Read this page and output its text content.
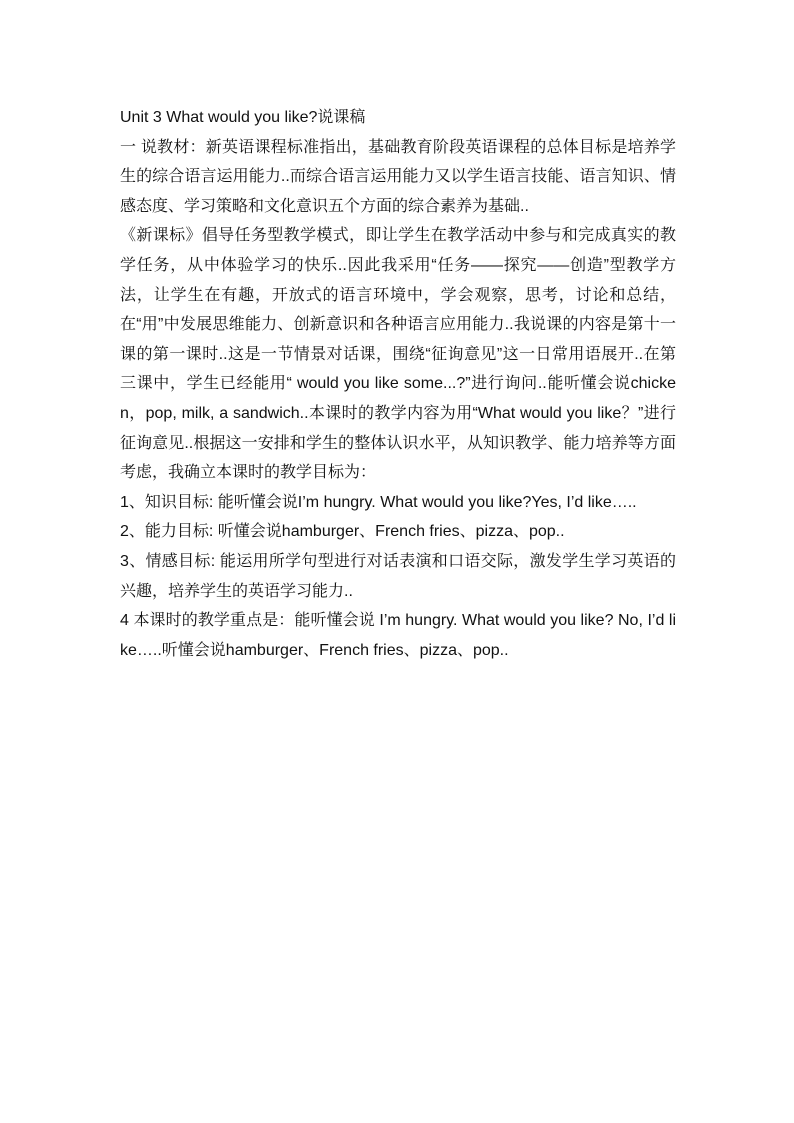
Unit 3 What would you like?说课稿

一 说教材：新英语课程标准指出，基础教育阶段英语课程的总体目标是培养学生的综合语言运用能力..而综合语言运用能力又以学生语言技能、语言知识、情感态度、学习策略和文化意识五个方面的综合素养为基础..

《新课标》倡导任务型教学模式，即让学生在教学活动中参与和完成真实的教学任务，从中体验学习的快乐..因此我采用“任务——探究——创造”型教学方法，让学生在有趣，开放式的语言环境中，学会观察，思考，讨论和总结，在“用”中发展思维能力、创新意识和各种语言应用能力..我说课的内容是第十一课的第一课时..这是一节情景对话课，围绕“征询意见”这一日常用语展开..在第三课中，学生已经能用“ would you like some...?”进行询问..能听懂会说chicken，pop, milk, a sandwich..本课时的教学内容为用“What would you like？”进行征询意见..根据这一安排和学生的整体认识水平，从知识教学、能力培养等方面考虑，我确立本课时的教学目标为：

1、知识目标: 能听懂会说I’m hungry. What would you like?Yes, I’d like…..

2、能力目标: 听懂会说hamburger、French fries、pizza、pop..

3、情感目标: 能运用所学句型进行对话表演和口语交际，激发学生学习英语的兴趣，培养学生的英语学习能力..

4 本课时的教学重点是：能听懂会说 I’m hungry. What would you like? No, I’d like…..听懂会说hamburger、French fries、pizza、pop..
